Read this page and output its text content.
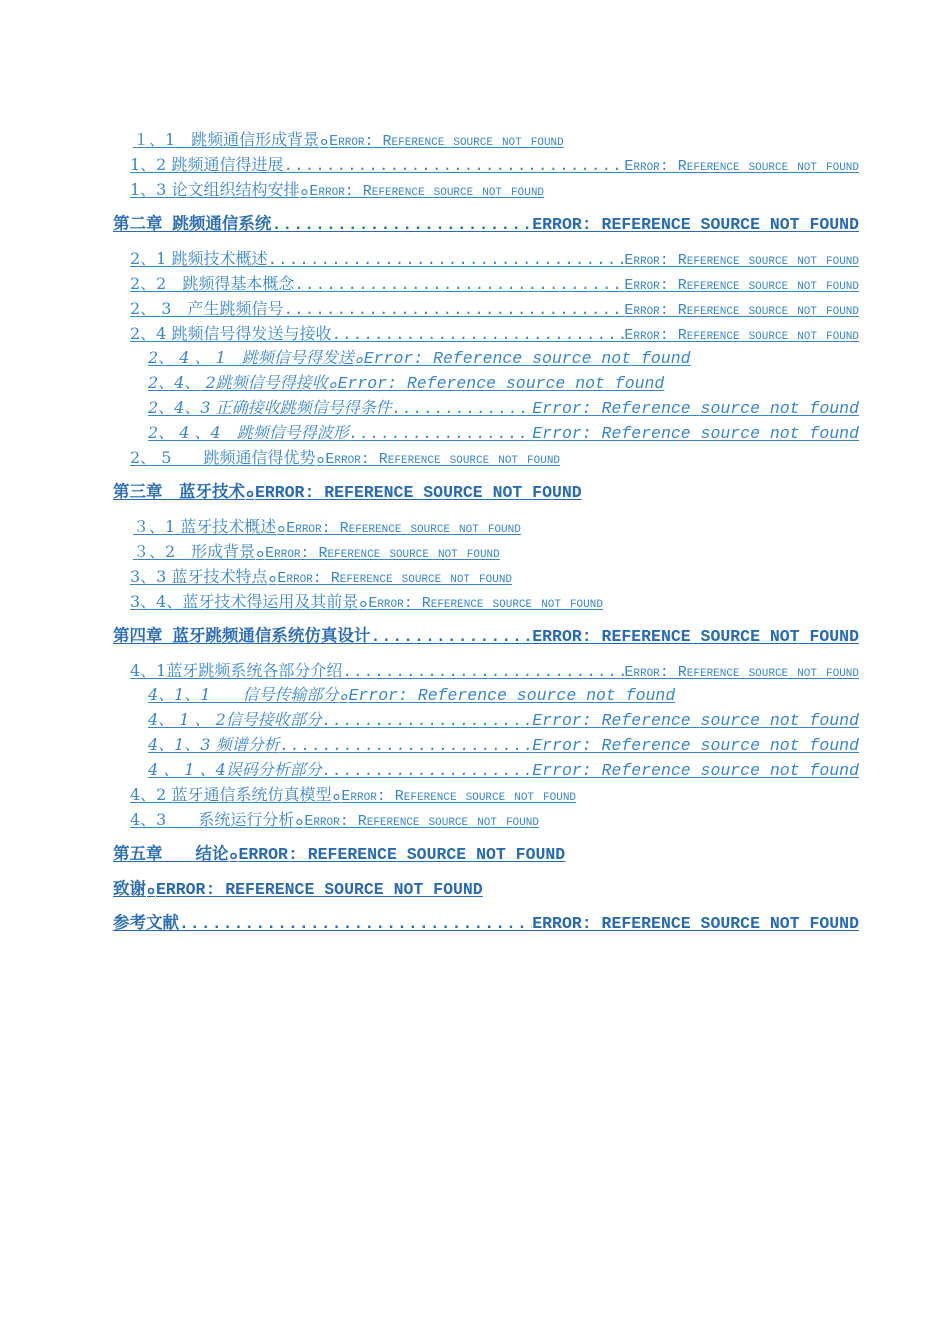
１、1　跳频通信形成背景 ๐ Error: Reference source not found
1、2 跳频通信得进展 .....	Error: Reference source not found
1、3 论文组织结构安排 ๐ Error: Reference source not found
第二章 跳频通信系统 .....	ERROR: REFERENCE SOURCE NOT FOUND
2、1 跳频技术概述 .....	Error: Reference source not found
2、2　跳频得基本概念 .....	Error: Reference source not found
2、 3　产生跳频信号 .....	Error: Reference source not found
2、4 跳频信号得发送与接收 .....	Error: Reference source not found
2、 4 、 1　跳频信号得发送 ๐ Error: Reference source not found
2、4、 2跳频信号得接收 ๐ Error: Reference source not found
2、4、3 正确接收跳频信号得条件 .....	Error: Reference source not found
2、 4 、4　跳频信号得波形 .....	Error: Reference source not found
2、 5　　跳频通信得优势 ๐ Error: Reference source not found
第三章　蓝牙技术 ๐ ERROR: REFERENCE SOURCE NOT FOUND
３、1 蓝牙技术概述 ๐ Error: Reference source not found
３、2　形成背景 ๐ Error: Reference source not found
3、3 蓝牙技术特点 ๐ Error: Reference source not found
3、4、蓝牙技术得运用及其前景 ๐ Error: Reference source not found
第四章 蓝牙跳频通信系统仿真设计 .....	ERROR: REFERENCE SOURCE NOT FOUND
4、1蓝牙跳频系统各部分介绍 .....	Error: Reference source not found
4、1、1　　信号传输部分 ๐ Error: Reference source not found
4、 1 、 2信号接收部分 .....	Error: Reference source not found
4、1、3 频谱分析 .....	Error: Reference source not found
4 、 1 、4误码分析部分 .....	Error: Reference source not found
4、2 蓝牙通信系统仿真模型 ๐ Error: Reference source not found
4、3　　系统运行分析 ๐ Error: Reference source not found
第五章　　结论 ๐ ERROR: REFERENCE SOURCE NOT FOUND
致谢 ๐ ERROR: REFERENCE SOURCE NOT FOUND
参考文献 .....	ERROR: REFERENCE SOURCE NOT FOUND
